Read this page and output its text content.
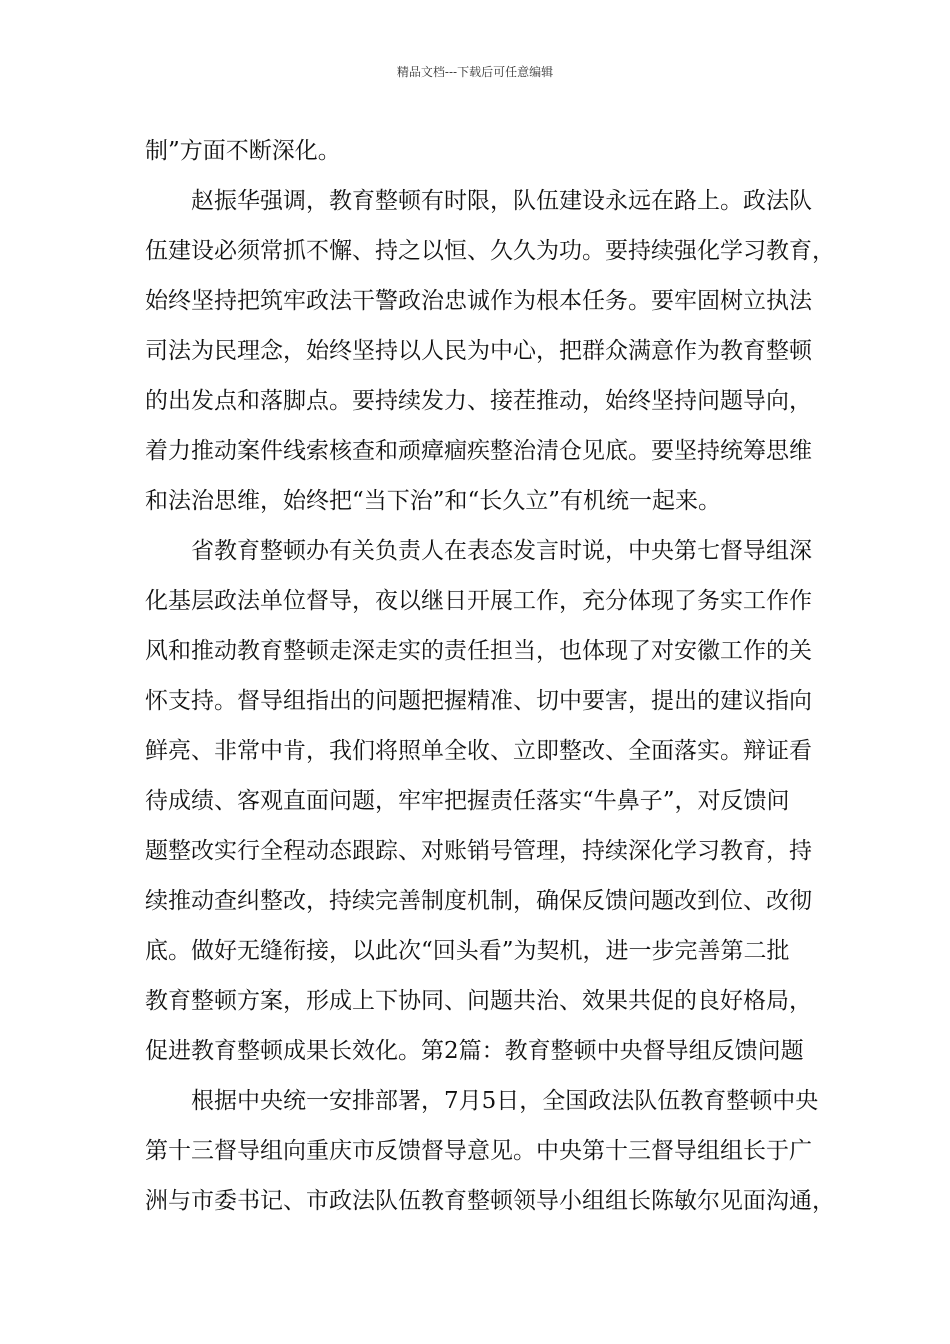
精品文档---下载后可任意编辑
制”方面不断深化。
赵振华强调，教育整顿有时限，队伍建设永远在路上。政法队
伍建设必须常抓不懈、持之以恒、久久为功。要持续强化学习教育，
始终坚持把筑牢政法干警政治忠诚作为根本任务。要牢固树立执法
司法为民理念，始终坚持以人民为中心，把群众满意作为教育整顿
的出发点和落脚点。要持续发力、接茬推动，始终坚持问题导向，
着力推动案件线索核查和顽瘴痼疾整治清仓见底。要坚持统筹思维
和法治思维，始终把“当下治”和“长久立”有机统一起来。
省教育整顿办有关负责人在表态发言时说，中央第七督导组深
化基层政法单位督导，夜以继日开展工作，充分体现了务实工作作
风和推动教育整顿走深走实的责任担当，也体现了对安徽工作的关
怀支持。督导组指出的问题把握精准、切中要害，提出的建议指向
鲜亮、非常中肯，我们将照单全收、立即整改、全面落实。辩证看
待成绩、客观直面问题，牢牢把握责任落实“牛鼻子”，对反馈问
题整改实行全程动态跟踪、对账销号管理，持续深化学习教育，持
续推动查纠整改，持续完善制度机制，确保反馈问题改到位、改彻
底。做好无缝衔接，以此次“回头看”为契机，进一步完善第二批
教育整顿方案，形成上下协同、问题共治、效果共促的良好格局，
促进教育整顿成果长效化。第2篇：教育整顿中央督导组反馈问题
根据中央统一安排部署，7月5日，全国政法队伍教育整顿中央
第十三督导组向重庆市反馈督导意见。中央第十三督导组组长于广
洲与市委书记、市政法队伍教育整顿领导小组组长陈敏尔见面沟通，
